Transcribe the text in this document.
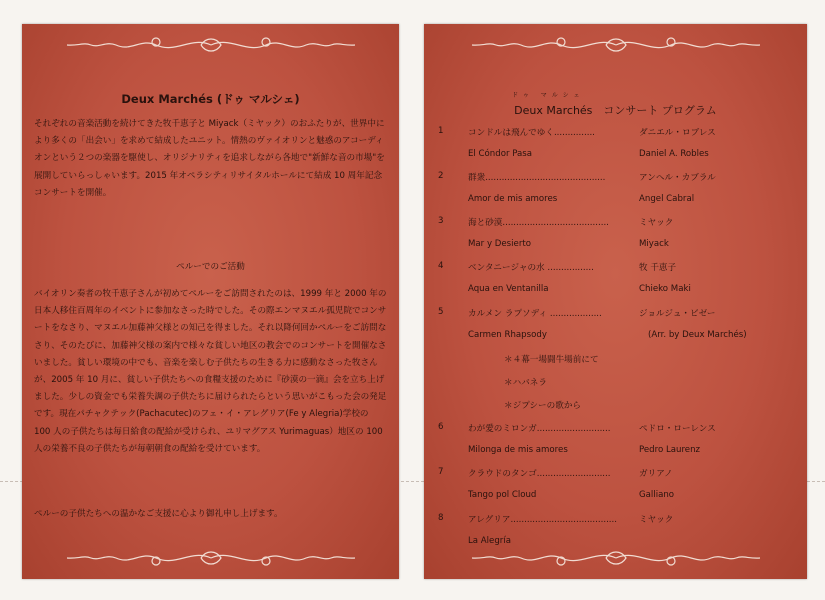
Deux Marchés (ドゥ マルシェ)
それぞれの音楽活動を続けてきた牧千恵子と Miyack（ミヤック）のおふたりが、世界中により多くの「出会い」を求めて結成したユニット。情熱のヴァイオリンと魅惑のアコーディオンという２つの楽器を駆使し、オリジナリティを追求しながら各地で"新鮮な音の市場"を展開していらっしゃいます。2015 年オペラシティリサイタルホールにて結成 10 周年記念コンサートを開催。
ペルーでのご活動
バイオリン奏者の牧千恵子さんが初めてペルーをご訪問されたのは、1999 年と 2000 年の日本人移住百周年のイベントに参加なさった時でした。その際エンマヌエル孤児院でコンサートをなさり、マヌエル加藤神父様との知己を得ました。それ以降何回かペルーをご訪問なさり、そのたびに、加藤神父様の案内で様々な貧しい地区の教会でのコンサートを開催なさいました。貧しい環境の中でも、音楽を楽しむ子供たちの生きる力に感動なさった牧さんが、2005 年 10 月に、貧しい子供たちへの食糧支援のために『砂漠の一滴』会を立ち上げました。少しの資金でも栄養失調の子供たちに届けられたらという思いがこもった会の発足です。現在パチャクテック(Pachacutec)のフェ・イ・アレグリア(Fe y Alegria)学校の 100 人の子供たちは毎日給食の配給が受けられ、ユリマグアス Yurimaguas）地区の 100 人の栄養不良の子供たちが毎朝朝食の配給を受けています。
ペルーの子供たちへの温かなご支援に心より御礼申し上げます。
ドゥ マルシェ
Deux Marchés　コンサート プログラム
1	コンドルは飛んでゆく...............	ダニエル・ロブレス
El Cóndor Pasa	Daniel A. Robles
2	群衆............................................	アンヘル・カブラル
Amor de mis amores	Angel Cabral
3	海と砂漠.......................................	ミヤック
Mar y Desierto	Miyack
4	ベンタニージャの水 .................	牧 千恵子
Aqua en Ventanilla	Chieko Maki
5	カルメン ラプソディ ...................	ジョルジュ・ビゼー
Carmen Rhapsody	(Arr. by Deux Marchés)
＊４幕一場闘牛場前にて
＊ハバネラ
＊ジプシーの歌から
6	わが愛のミロンガ...........................	ペドロ・ローレンス
Milonga de mis amores	Pedro Laurenz
7	クラウドのタンゴ...........................	ガリアノ
Tango pol Cloud	Galliano
8	アレグリア.......................................	ミヤック
La Alegría
